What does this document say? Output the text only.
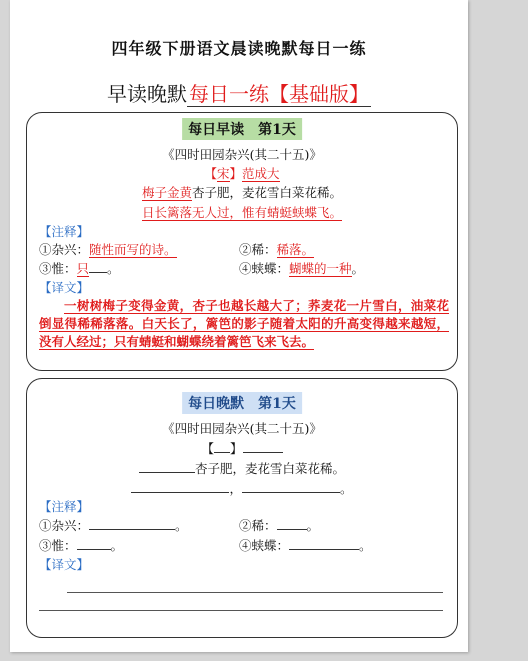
四年级下册语文晨读晚默每日一练
早读晚默 每日一练【基础版】
每日早读　第1天
《四时田园杂兴(其二十五)》
【宋】范成大
梅子金黄杏子肥，麦花雪白菜花稀。
日长篱落无人过，惟有蜻蜓蛱蝶飞。
【注释】
①杂兴：随性而写的诗。	②稀：稀落。
③惟：只 。	④蛱蝶：蝴蝶的一种。
【译文】
一树树梅子变得金黄，杏子也越长越大了；荞麦花一片雪白，油菜花倒显得稀稀落落。白天长了，篱笆的影子随着太阳的升高变得越来越短，没有人经过；只有蜻蜓和蝴蝶绕着篱笆飞来飞去。
每日晚默　第1天
《四时田园杂兴(其二十五)》
【 】
杏子肥，麦花雪白菜花稀。
，	。
【注释】
①杂兴：	。	②稀： 。
③惟：	。	④蛱蝶：	。
【译文】
